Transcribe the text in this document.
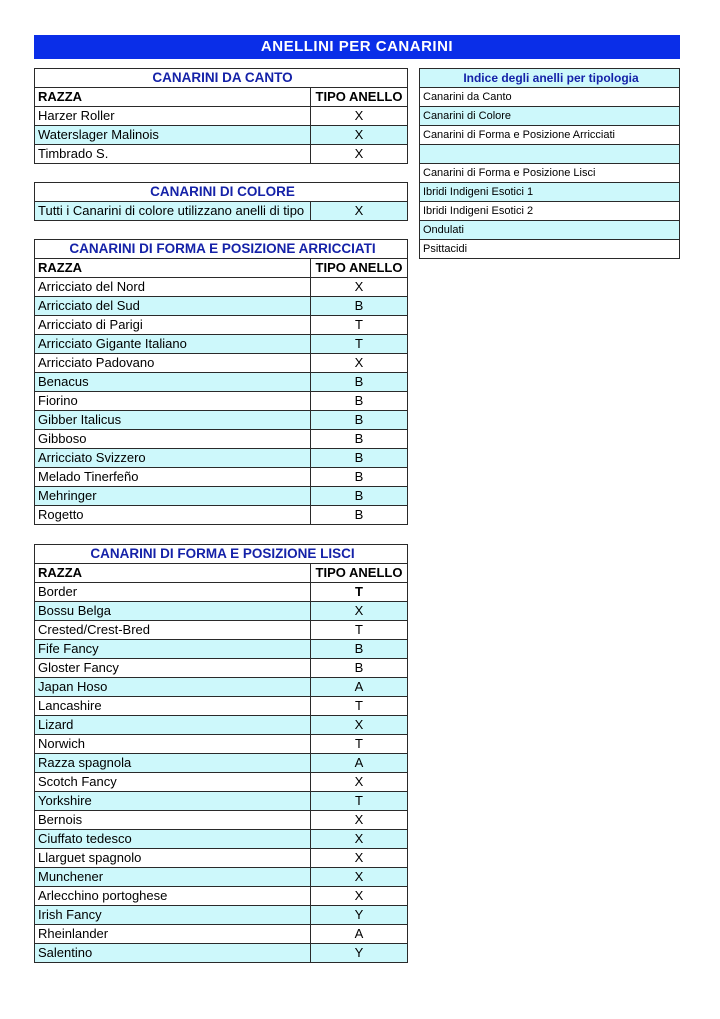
ANELLINI PER CANARINI
CANARINI DA CANTO	
RAZZA	TIPO ANELLO
Harzer Roller	X
Waterslager Malinois	X
Timbrado S.	X
CANARINI DI COLORE
Tutti i Canarini di colore utilizzano anelli di tipo	X
CANARINI DI FORMA E POSIZIONE ARRICCIATI	
RAZZA	TIPO ANELLO
Arricciato del Nord	X
Arricciato del Sud	B
Arricciato di Parigi	T
Arricciato Gigante Italiano	T
Arricciato Padovano	X
Benacus	B
Fiorino	B
Gibber Italicus	B
Gibboso	B
Arricciato Svizzero	B
Melado Tinerfeño	B
Mehringer	B
Rogetto	B
CANARINI DI FORMA E POSIZIONE LISCI	
RAZZA	TIPO ANELLO
Border	T
Bossu Belga	X
Crested/Crest-Bred	T
Fife Fancy	B
Gloster Fancy	B
Japan Hoso	A
Lancashire	T
Lizard	X
Norwich	T
Razza spagnola	A
Scotch Fancy	X
Yorkshire	T
Bernois	X
Ciuffato tedesco	X
Llarguet spagnolo	X
Munchener	X
Arlecchino portoghese	X
Irish Fancy	Y
Rheinlander	A
Salentino	Y
Indice degli anelli per tipologia
Canarini da Canto
Canarini di Colore
Canarini di Forma e Posizione Arricciati

Canarini di Forma e Posizione Lisci
Ibridi Indigeni Esotici 1
Ibridi Indigeni Esotici 2
Ondulati
Psittacidi
